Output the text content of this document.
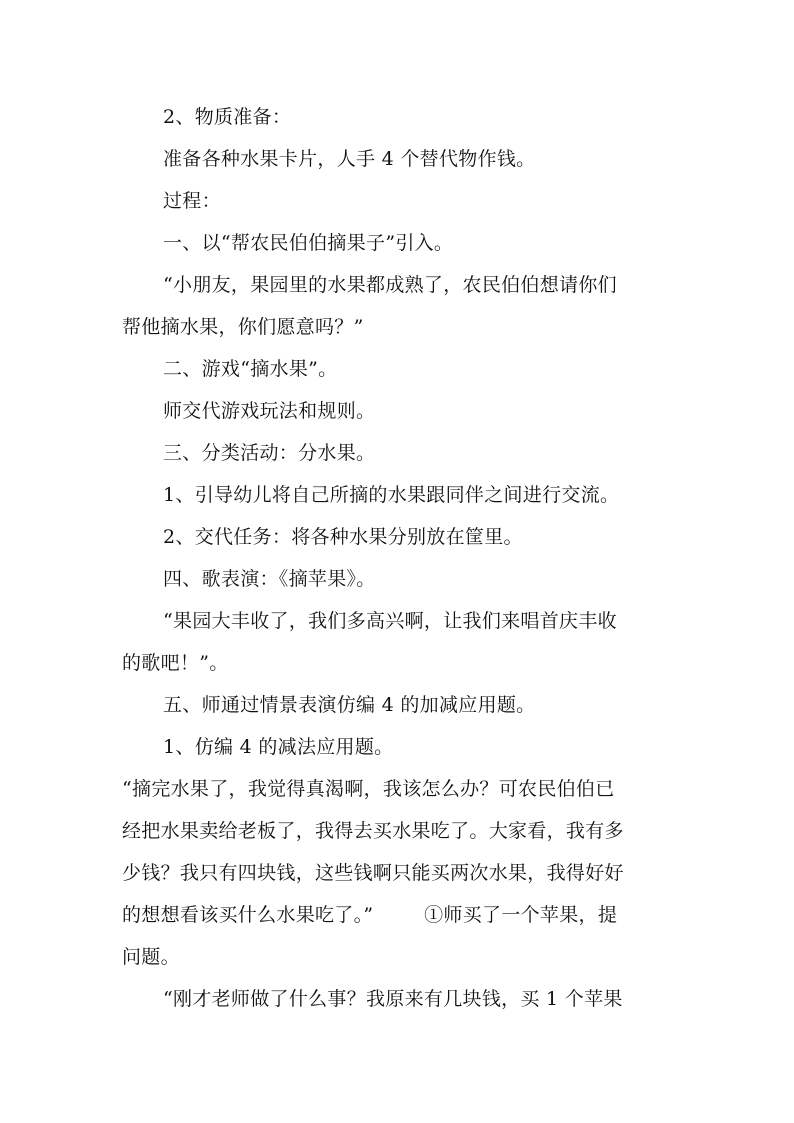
2、物质准备：
准备各种水果卡片，人手 4 个替代物作钱。
过程：
一、以“帮农民伯伯摘果子”引入。
“小朋友，果园里的水果都成熟了，农民伯伯想请你们
帮他摘水果，你们愿意吗？”
二、游戏“摘水果”。
师交代游戏玩法和规则。
三、分类活动：分水果。
1、引导幼儿将自己所摘的水果跟同伴之间进行交流。
2、交代任务：将各种水果分别放在筐里。
四、歌表演：《摘苹果》。
“果园大丰收了，我们多高兴啊，让我们来唱首庆丰收
的歌吧！”。
五、师通过情景表演仿编 4 的加减应用题。
1、仿编 4 的减法应用题。
“摘完水果了，我觉得真渴啊，我该怎么办？可农民伯伯已
经把水果卖给老板了，我得去买水果吃了。大家看，我有多
少钱？我只有四块钱，这些钱啊只能买两次水果，我得好好
的想想看该买什么水果吃了。”        ①师买了一个苹果，提
问题。
“刚才老师做了什么事？我原来有几块钱，买 1 个苹果
